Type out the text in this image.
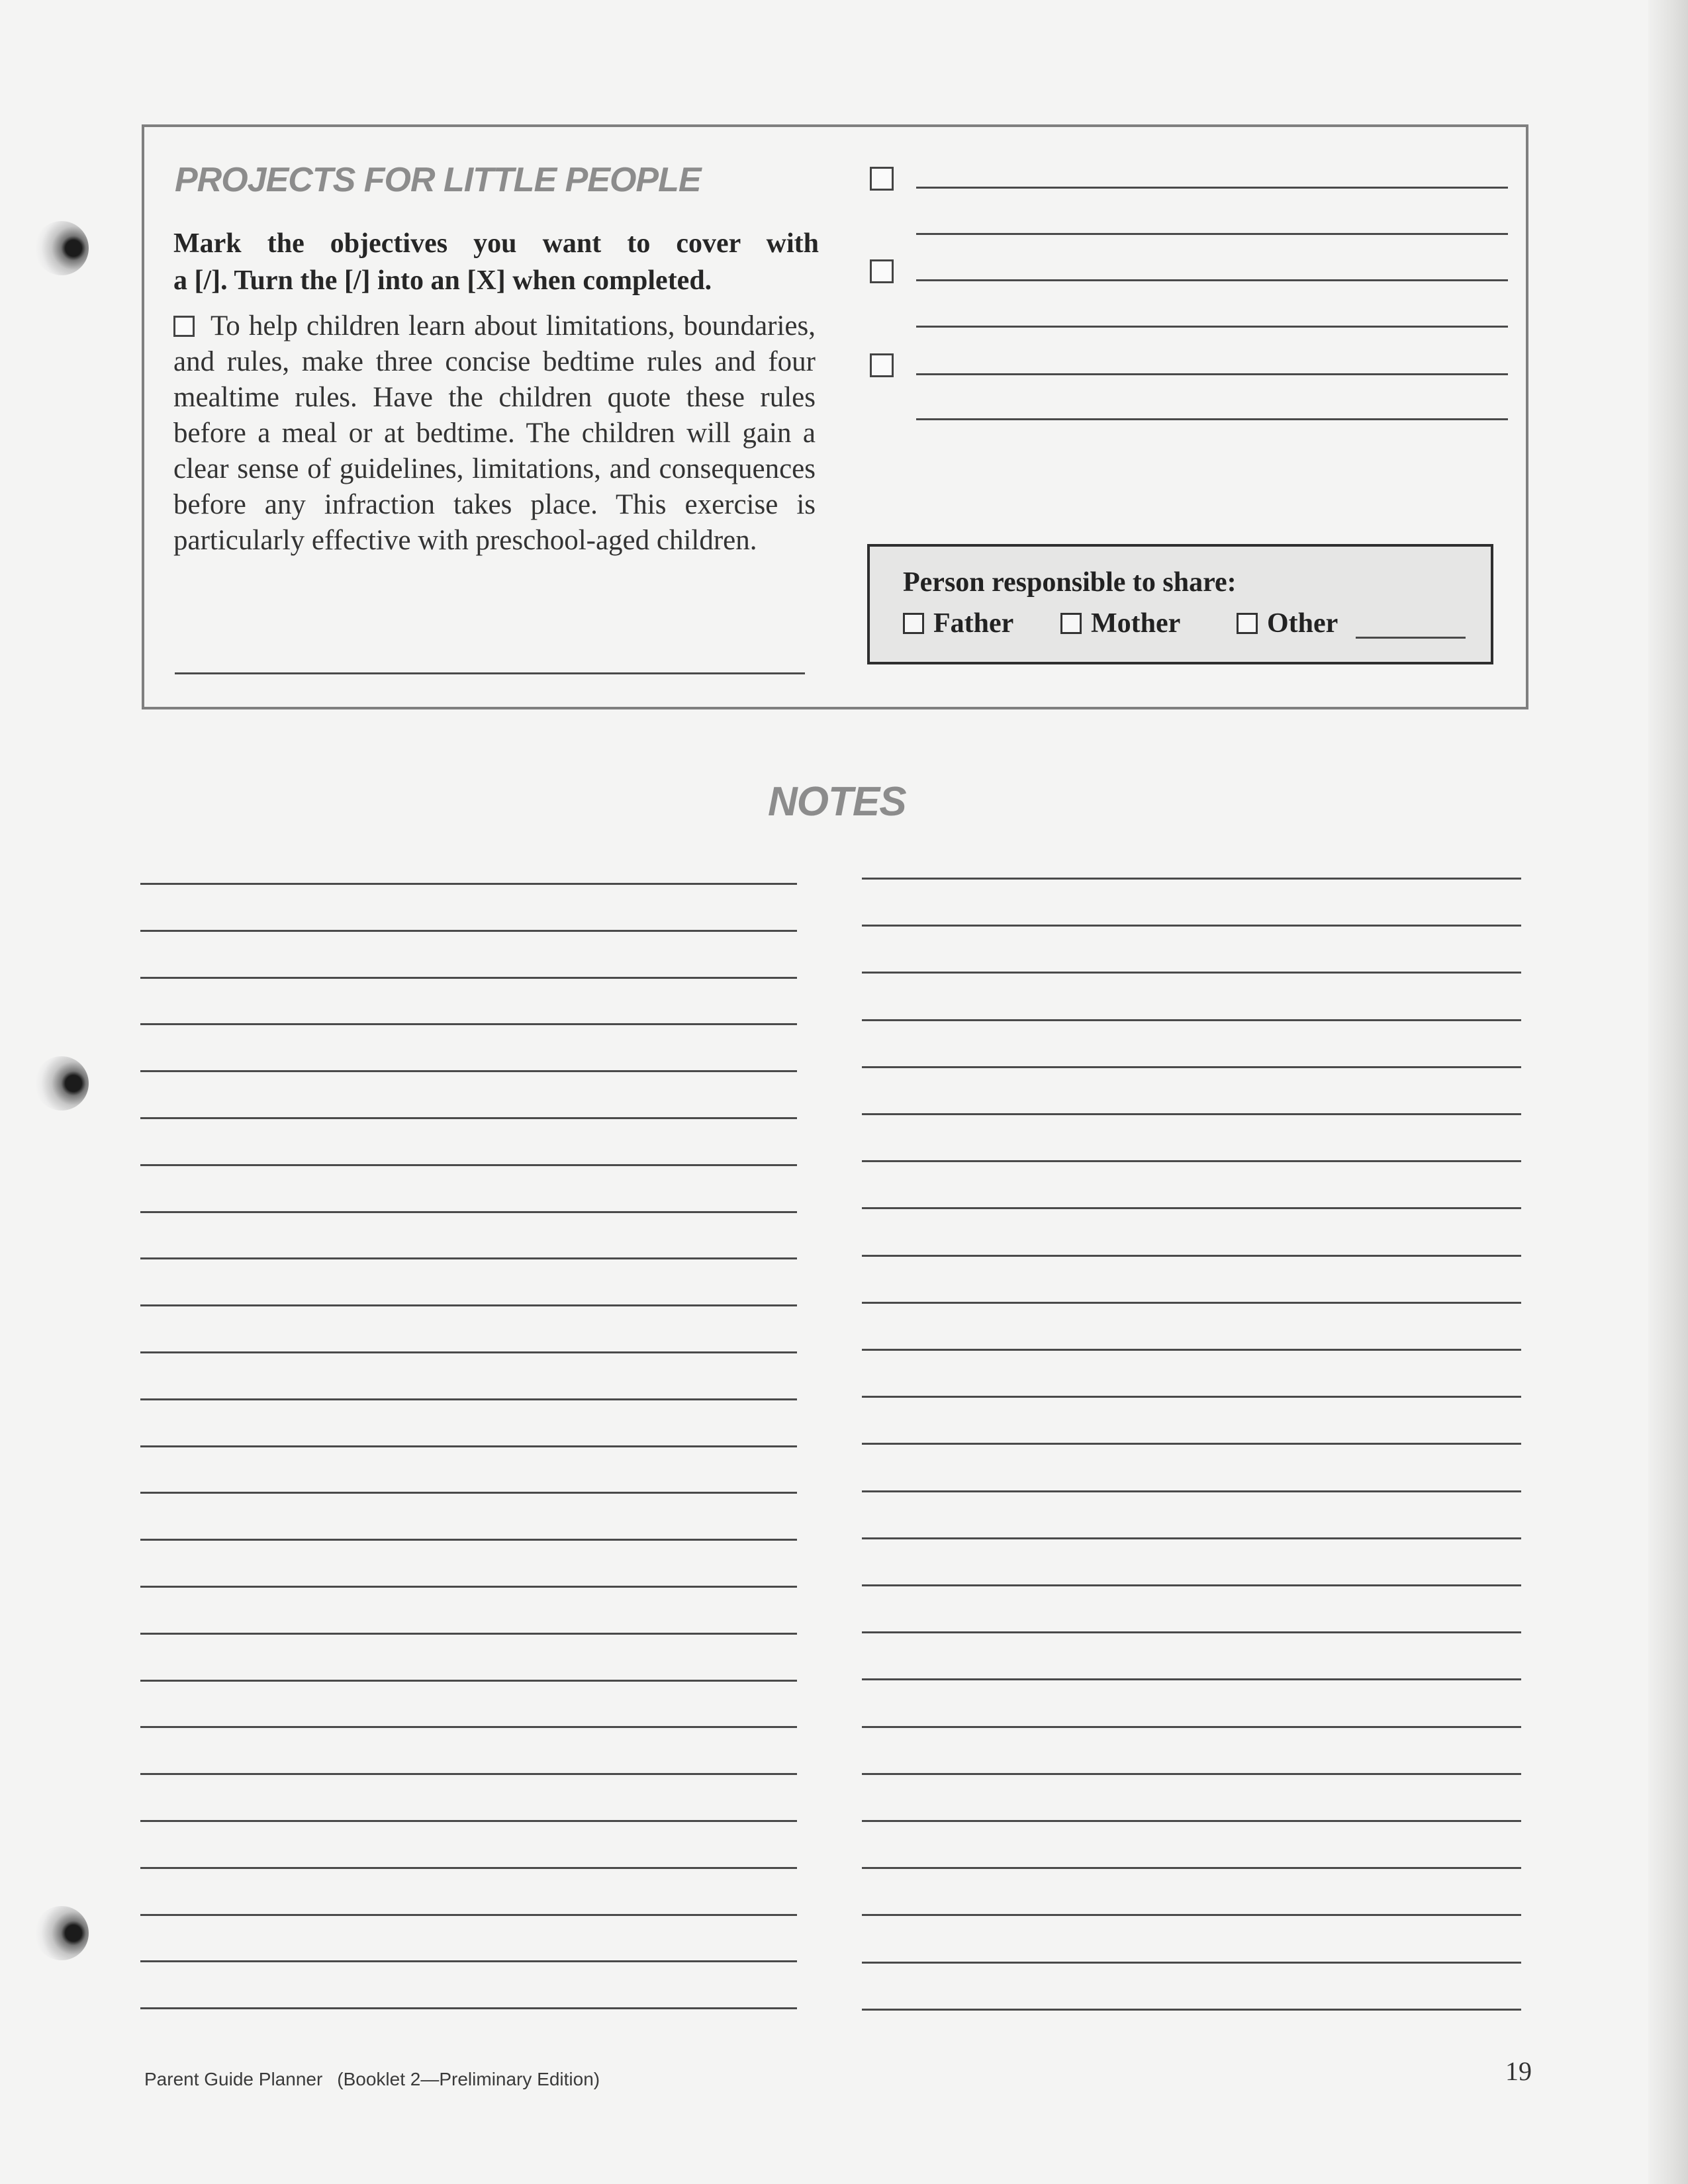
PROJECTS FOR LITTLE PEOPLE
Mark the objectives you want to cover with
a [/]. Turn the [/] into an [X] when completed.
To help children learn about limitations, boundaries, and rules, make three concise bedtime rules and four mealtime rules. Have the children quote these rules before a meal or at bedtime. The children will gain a clear sense of guidelines, limitations, and consequences before any infraction takes place. This exercise is particularly effective with preschool-aged children.
Person responsible to share:
Father	Mother	Other
NOTES
Parent Guide Planner (Booklet 2—Preliminary Edition)	19
